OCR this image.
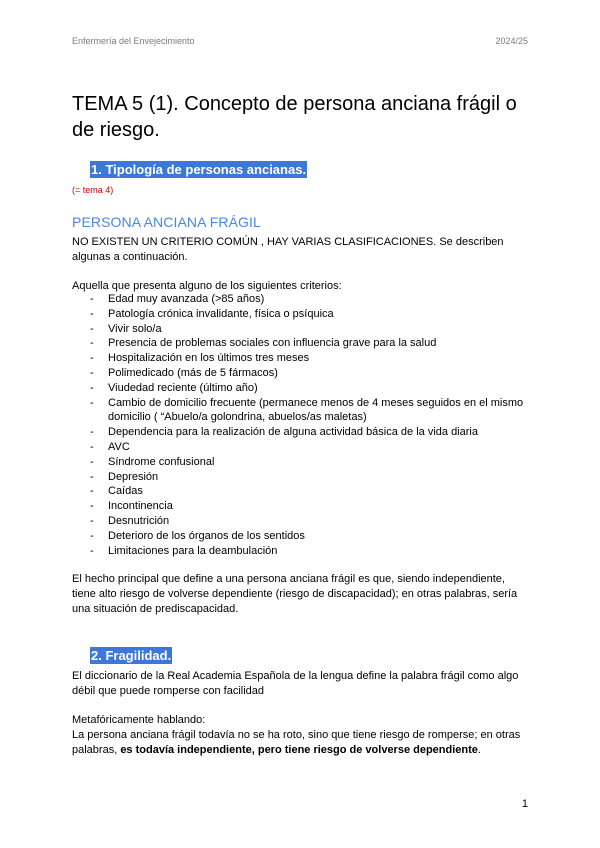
Enfermería del Envejecimiento	2024/25
TEMA 5 (1). Concepto de persona anciana frágil o de riesgo.
1. Tipología de personas ancianas.
(= tema 4)
PERSONA ANCIANA FRÁGIL

NO EXISTEN UN CRITERIO COMÚN , HAY VARIAS CLASIFICACIONES. Se describen algunas a continuación.

Aquella que presenta alguno de los siguientes criterios:

- Edad muy avanzada (>85 años)
- Patología crónica invalidante, física o psíquica
- Vivir solo/a
- Presencia de problemas sociales con influencia grave para la salud
- Hospitalización en los últimos tres meses
- Polimedicado (más de 5 fármacos)
- Viudedad reciente (último año)
- Cambio de domicilio frecuente (permanece menos de 4 meses seguidos en el mismo domicilio ( “Abuelo/a golondrina, abuelos/as maletas)
- Dependencia para la realización de alguna actividad básica de la vida diaria
- AVC
- Síndrome confusional
- Depresión
- Caídas
- Incontinencia
- Desnutrición
- Deterioro de los órganos de los sentidos
- Limitaciones para la deambulación

El hecho principal que define a una persona anciana frágil es que, siendo independiente, tiene alto riesgo de volverse dependiente (riesgo de discapacidad); en otras palabras, sería una situación de prediscapacidad.

2. Fragilidad.

El diccionario de la Real Academia Española de la lengua define la palabra frágil como algo débil que puede romperse con facilidad

Metafóricamente hablando:

La persona anciana frágil todavía no se ha roto, sino que tiene riesgo de romperse; en otras palabras, es todavía independiente, pero tiene riesgo de volverse dependiente.

1
